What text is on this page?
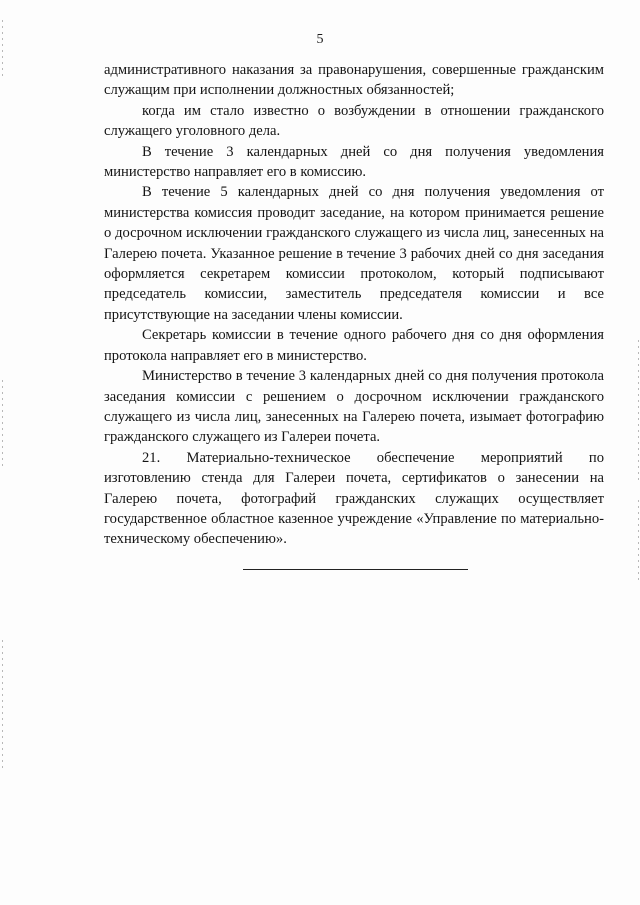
5

административного наказания за правонарушения, совершенные гражданским служащим при исполнении должностных обязанностей;

когда им стало известно о возбуждении в отношении гражданского служащего уголовного дела.

В течение 3 календарных дней со дня получения уведомления министерство направляет его в комиссию.

В течение 5 календарных дней со дня получения уведомления от министерства комиссия проводит заседание, на котором принимается решение о досрочном исключении гражданского служащего из числа лиц, занесенных на Галерею почета. Указанное решение в течение 3 рабочих дней со дня заседания оформляется секретарем комиссии протоколом, который подписывают председатель комиссии, заместитель председателя комиссии и все присутствующие на заседании члены комиссии.

Секретарь комиссии в течение одного рабочего дня со дня оформления протокола направляет его в министерство.

Министерство в течение 3 календарных дней со дня получения протокола заседания комиссии с решением о досрочном исключении гражданского служащего из числа лиц, занесенных на Галерею почета, изымает фотографию гражданского служащего из Галереи почета.

21. Материально-техническое обеспечение мероприятий по изготовлению стенда для Галереи почета, сертификатов о занесении на Галерею почета, фотографий гражданских служащих осуществляет государственное областное казенное учреждение «Управление по материально-техническому обеспечению».
